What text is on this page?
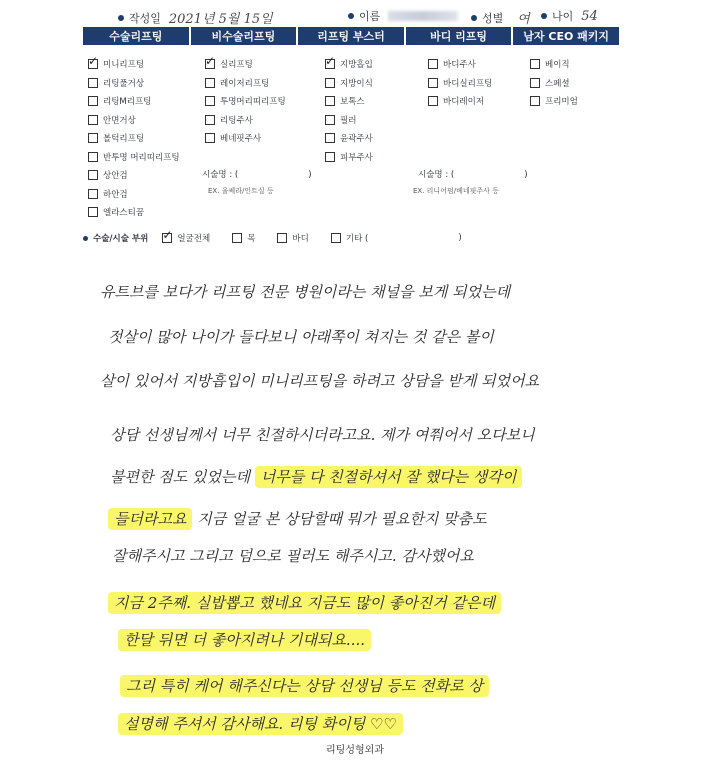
작성일 2021년 5월 15일	이름	성별 여 나이 54
수술리프팅	비수술리프팅	리프팅 부스터	바디 리프팅	남자 CEO 패키지
✓
미니리프팅
리팅풀거상
리팅M리프팅
안면거상
볼턱리프팅
반투명 머리띠리프팅
상안검
하안검
엘라스티꿈
✓
실리프팅
레이저리프팅
투명머리띠리프팅
리팅주사
베네핏주사
✓
지방흡입
지방이식
보톡스
필러
윤곽주사
피부주사
바디주사
바디실리프팅
바디레이저
베이직
스페셜
프리미엄
시술명 : (	)
EX. 울쎄라/인트실 등
시술명 : (	)
EX. 리니어펌/베네핏주사 등
수술/시술 부위
✓	얼굴전체	목	바디	기타 (	)
유트브를 보다가 리프팅 전문 병원이라는 채널을 보게 되었는데
젓살이 많아 나이가 들다보니 아래쪽이 쳐지는 것 같은 볼이
살이 있어서 지방흡입이 미니리프팅을 하려고 상담을 받게 되었어요
상담 선생님께서 너무 친절하시더라고요. 제가 여쭤어서 오다보니
불편한 점도 있었는데 너무들 다 친절하셔서 잘 했다는 생각이
들더라고요 지금 얼굴 본 상담할때 뭐가 필요한지 맞춤도
잘해주시고 그리고 덤으로 필러도 해주시고. 감사했어요
지금 2주째. 실밥뽑고 했네요 지금도 많이 좋아진거 같은데
한달 뒤면 더 좋아지려나 기대되요....
그리 특히 케어 해주신다는 상담 선생님 등도 전화로 상
설명해 주셔서 감사해요. 리팅 화이팅 ♡♡
리팅성형외과
